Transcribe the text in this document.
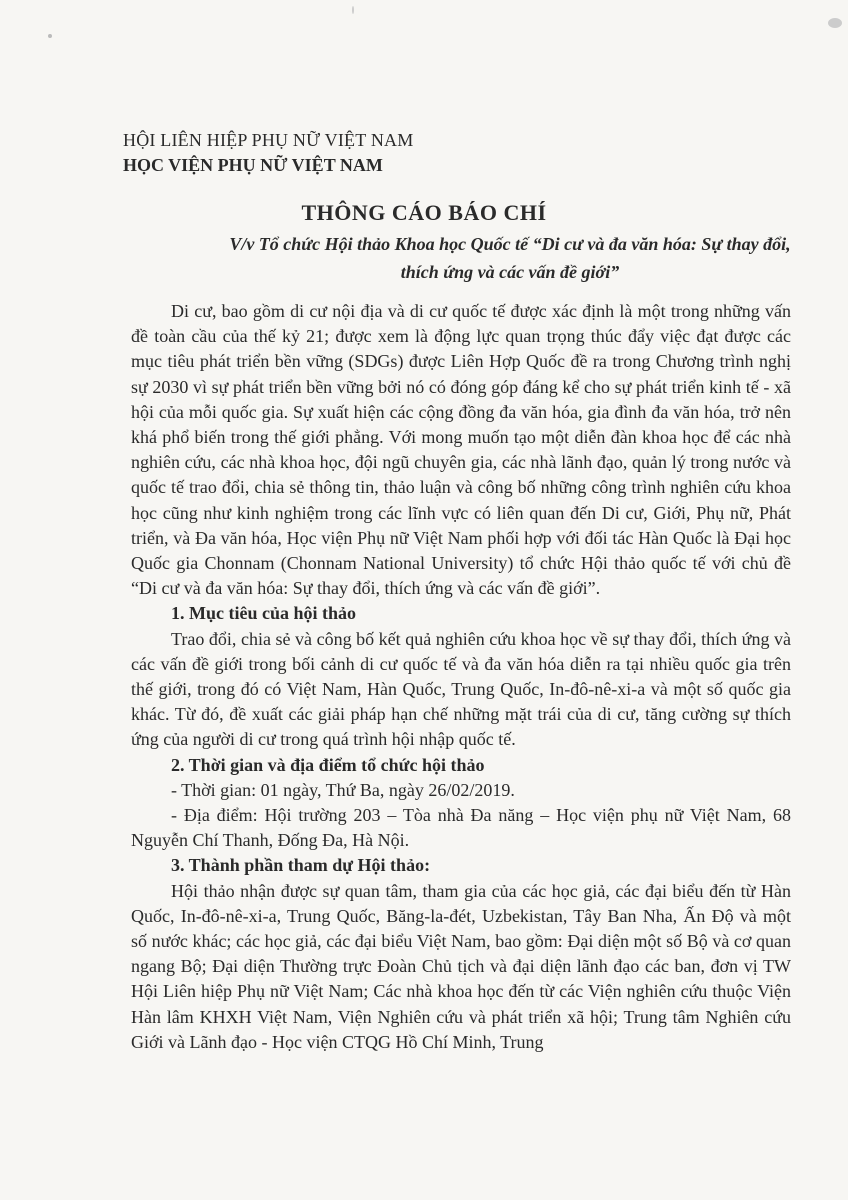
HỘI LIÊN HIỆP PHỤ NỮ VIỆT NAM
HỌC VIỆN PHỤ NỮ VIỆT NAM
THÔNG CÁO BÁO CHÍ
V/v Tổ chức Hội thảo Khoa học Quốc tế “Di cư và đa văn hóa: Sự thay đổi, thích ứng và các vấn đề giới”

Di cư, bao gồm di cư nội địa và di cư quốc tế được xác định là một trong những vấn đề toàn cầu của thế kỷ 21; được xem là động lực quan trọng thúc đẩy việc đạt được các mục tiêu phát triển bền vững (SDGs) được Liên Hợp Quốc đề ra trong Chương trình nghị sự 2030 vì sự phát triển bền vững bởi nó có đóng góp đáng kể cho sự phát triển kinh tế - xã hội của mỗi quốc gia. Sự xuất hiện các cộng đồng đa văn hóa, gia đình đa văn hóa, trở nên khá phổ biến trong thế giới phẳng. Với mong muốn tạo một diễn đàn khoa học để các nhà nghiên cứu, các nhà khoa học, đội ngũ chuyên gia, các nhà lãnh đạo, quản lý trong nước và quốc tế trao đổi, chia sẻ thông tin, thảo luận và công bố những công trình nghiên cứu khoa học cũng như kinh nghiệm trong các lĩnh vực có liên quan đến Di cư, Giới, Phụ nữ, Phát triển, và Đa văn hóa, Học viện Phụ nữ Việt Nam phối hợp với đối tác Hàn Quốc là Đại học Quốc gia Chonnam (Chonnam National University) tổ chức Hội thảo quốc tế với chủ đề “Di cư và đa văn hóa: Sự thay đổi, thích ứng và các vấn đề giới”.

1. Mục tiêu của hội thảo

Trao đổi, chia sẻ và công bố kết quả nghiên cứu khoa học về sự thay đổi, thích ứng và các vấn đề giới trong bối cảnh di cư quốc tế và đa văn hóa diễn ra tại nhiều quốc gia trên thế giới, trong đó có Việt Nam, Hàn Quốc, Trung Quốc, In-đô-nê-xi-a và một số quốc gia khác. Từ đó, đề xuất các giải pháp hạn chế những mặt trái của di cư, tăng cường sự thích ứng của người di cư trong quá trình hội nhập quốc tế.

2. Thời gian và địa điểm tổ chức hội thảo

- Thời gian: 01 ngày, Thứ Ba, ngày 26/02/2019.

- Địa điểm: Hội trường 203 – Tòa nhà Đa năng – Học viện phụ nữ Việt Nam, 68 Nguyễn Chí Thanh, Đống Đa, Hà Nội.

3. Thành phần tham dự Hội thảo:

Hội thảo nhận được sự quan tâm, tham gia của các học giả, các đại biểu đến từ Hàn Quốc, In-đô-nê-xi-a, Trung Quốc, Băng-la-đét, Uzbekistan, Tây Ban Nha, Ấn Độ và một số nước khác; các học giả, các đại biểu Việt Nam, bao gồm: Đại diện một số Bộ và cơ quan ngang Bộ; Đại diện Thường trực Đoàn Chủ tịch và đại diện lãnh đạo các ban, đơn vị TW Hội Liên hiệp Phụ nữ Việt Nam; Các nhà khoa học đến từ các Viện nghiên cứu thuộc Viện Hàn lâm KHXH Việt Nam, Viện Nghiên cứu và phát triển xã hội; Trung tâm Nghiên cứu Giới và Lãnh đạo - Học viện CTQG Hồ Chí Minh, Trung
